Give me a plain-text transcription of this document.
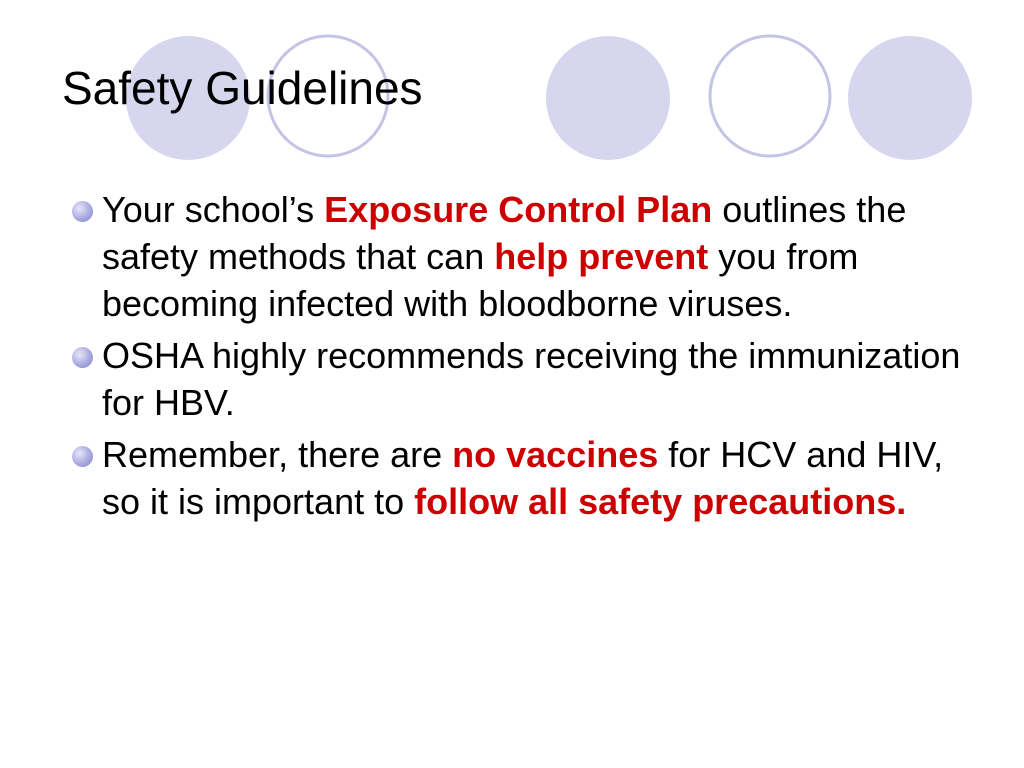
Safety Guidelines
Your school’s Exposure Control Plan outlines the safety methods that can help prevent you from becoming infected with bloodborne viruses.
OSHA highly recommends receiving the immunization for HBV.
Remember, there are no vaccines for HCV and HIV, so it is important to follow all safety precautions.
